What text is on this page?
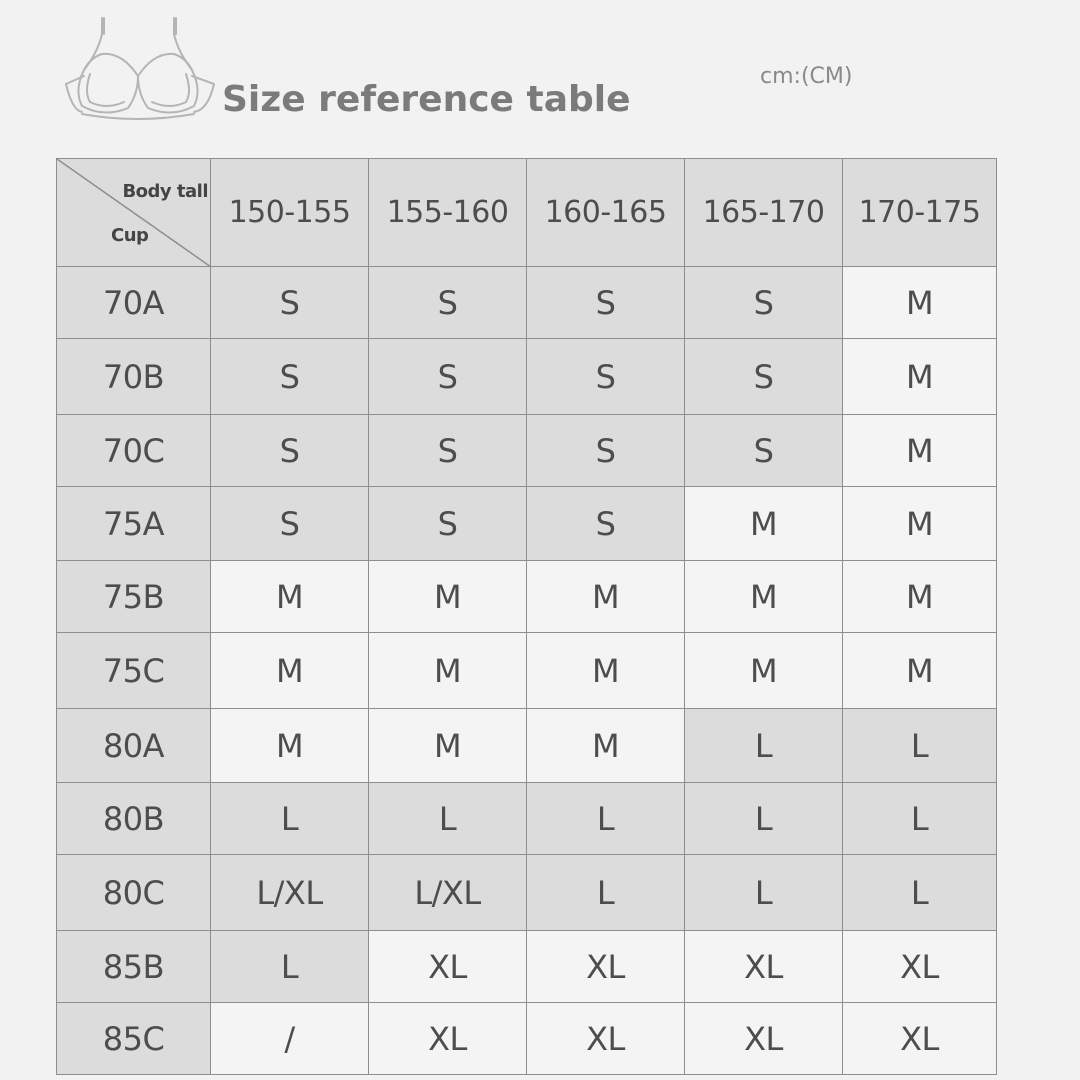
Size reference table
cm:(CM)
Body tall
Cup	150-155	155-160	160-165	165-170	170-175
70A	S	S	S	S	M
70B	S	S	S	S	M
70C	S	S	S	S	M
75A	S	S	S	M	M
75B	M	M	M	M	M
75C	M	M	M	M	M
80A	M	M	M	L	L
80B	L	L	L	L	L
80C	L/XL	L/XL	L	L	L
85B	L	XL	XL	XL	XL
85C	/	XL	XL	XL	XL
